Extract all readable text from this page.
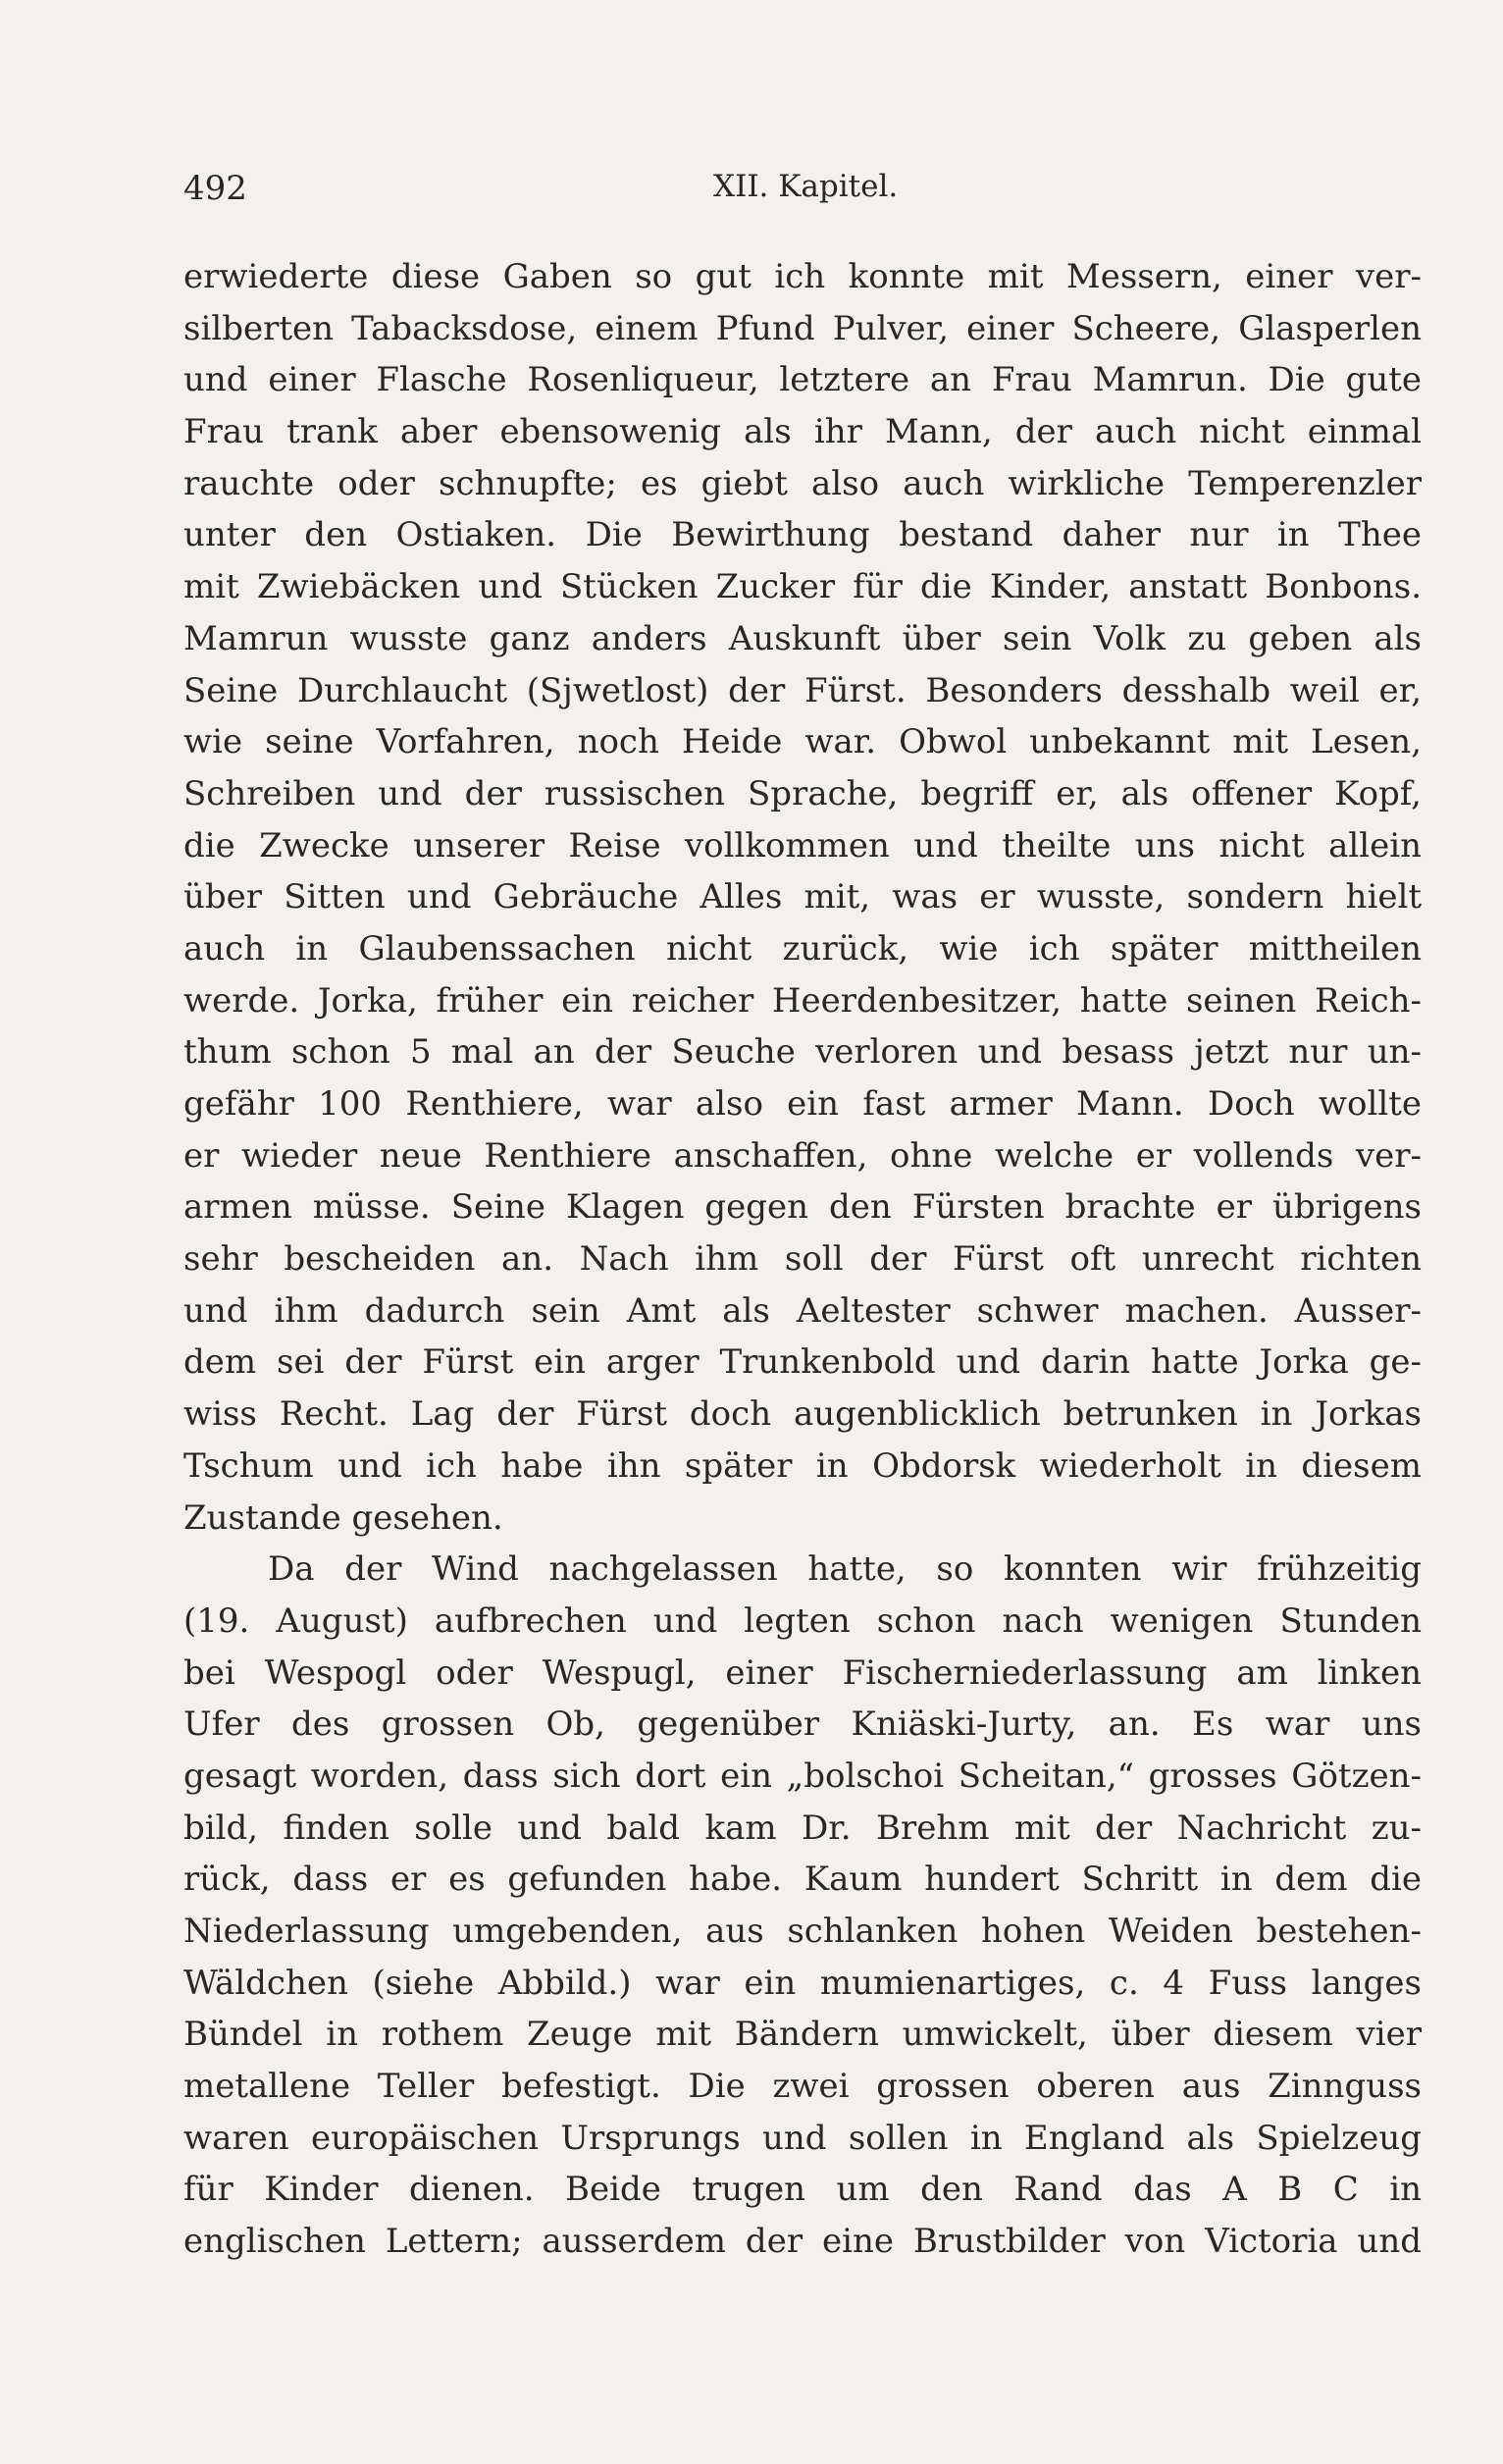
492	XII. Kapitel.
erwiederte diese Gaben so gut ich konnte mit Messern, einer ver-
silberten Tabacksdose, einem Pfund Pulver, einer Scheere, Glasperlen
und einer Flasche Rosenliqueur, letztere an Frau Mamrun. Die gute
Frau trank aber ebensowenig als ihr Mann, der auch nicht einmal
rauchte oder schnupfte; es giebt also auch wirkliche Temperenzler
unter den Ostiaken. Die Bewirthung bestand daher nur in Thee
mit Zwiebäcken und Stücken Zucker für die Kinder, anstatt Bonbons.
Mamrun wusste ganz anders Auskunft über sein Volk zu geben als
Seine Durchlaucht (Sjwetlost) der Fürst. Besonders desshalb weil er,
wie seine Vorfahren, noch Heide war. Obwol unbekannt mit Lesen,
Schreiben und der russischen Sprache, begriff er, als offener Kopf,
die Zwecke unserer Reise vollkommen und theilte uns nicht allein
über Sitten und Gebräuche Alles mit, was er wusste, sondern hielt
auch in Glaubenssachen nicht zurück, wie ich später mittheilen
werde. Jorka, früher ein reicher Heerdenbesitzer, hatte seinen Reich-
thum schon 5 mal an der Seuche verloren und besass jetzt nur un-
gefähr 100 Renthiere, war also ein fast armer Mann. Doch wollte
er wieder neue Renthiere anschaffen, ohne welche er vollends ver-
armen müsse. Seine Klagen gegen den Fürsten brachte er übrigens
sehr bescheiden an. Nach ihm soll der Fürst oft unrecht richten
und ihm dadurch sein Amt als Aeltester schwer machen. Ausser-
dem sei der Fürst ein arger Trunkenbold und darin hatte Jorka ge-
wiss Recht. Lag der Fürst doch augenblicklich betrunken in Jorkas
Tschum und ich habe ihn später in Obdorsk wiederholt in diesem
Zustande gesehen.
Da der Wind nachgelassen hatte, so konnten wir frühzeitig
(19. August) aufbrechen und legten schon nach wenigen Stunden
bei Wespogl oder Wespugl, einer Fischerniederlassung am linken
Ufer des grossen Ob, gegenüber Kniäski-Jurty, an. Es war uns
gesagt worden, dass sich dort ein „bolschoi Scheitan,“ grosses Götzen-
bild, finden solle und bald kam Dr. Brehm mit der Nachricht zu-
rück, dass er es gefunden habe. Kaum hundert Schritt in dem die
Niederlassung umgebenden, aus schlanken hohen Weiden bestehen-
Wäldchen (siehe Abbild.) war ein mumienartiges, c. 4 Fuss langes
Bündel in rothem Zeuge mit Bändern umwickelt, über diesem vier
metallene Teller befestigt. Die zwei grossen oberen aus Zinnguss
waren europäischen Ursprungs und sollen in England als Spielzeug
für Kinder dienen. Beide trugen um den Rand das A B C in
englischen Lettern; ausserdem der eine Brustbilder von Victoria und
